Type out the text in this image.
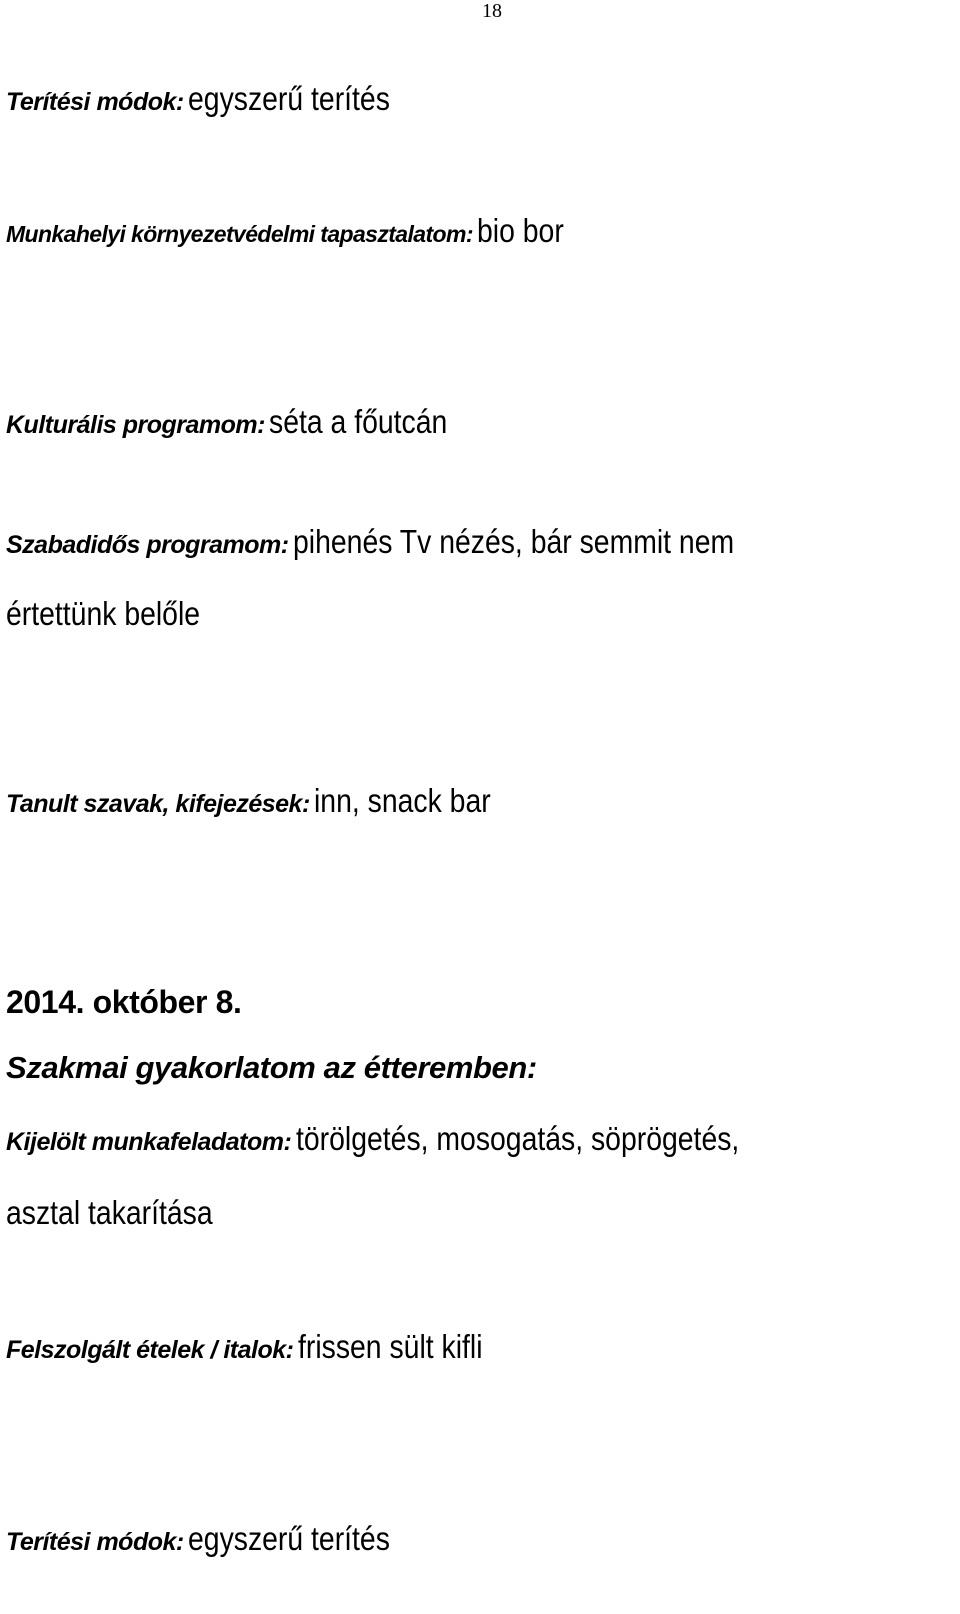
18
Terítési módok: egyszerű terítés
Munkahelyi környezetvédelmi tapasztalatom: bio bor
Kulturális programom: séta a főutcán
Szabadidős programom: pihenés Tv nézés, bár semmit nem
értettünk belőle
Tanult szavak, kifejezések: inn, snack bar
2014. október 8.
Szakmai gyakorlatom az étteremben:
Kijelölt munkafeladatom: törölgetés, mosogatás, söprögetés,
asztal takarítása
Felszolgált ételek / italok: frissen sült kifli
Terítési módok: egyszerű terítés
